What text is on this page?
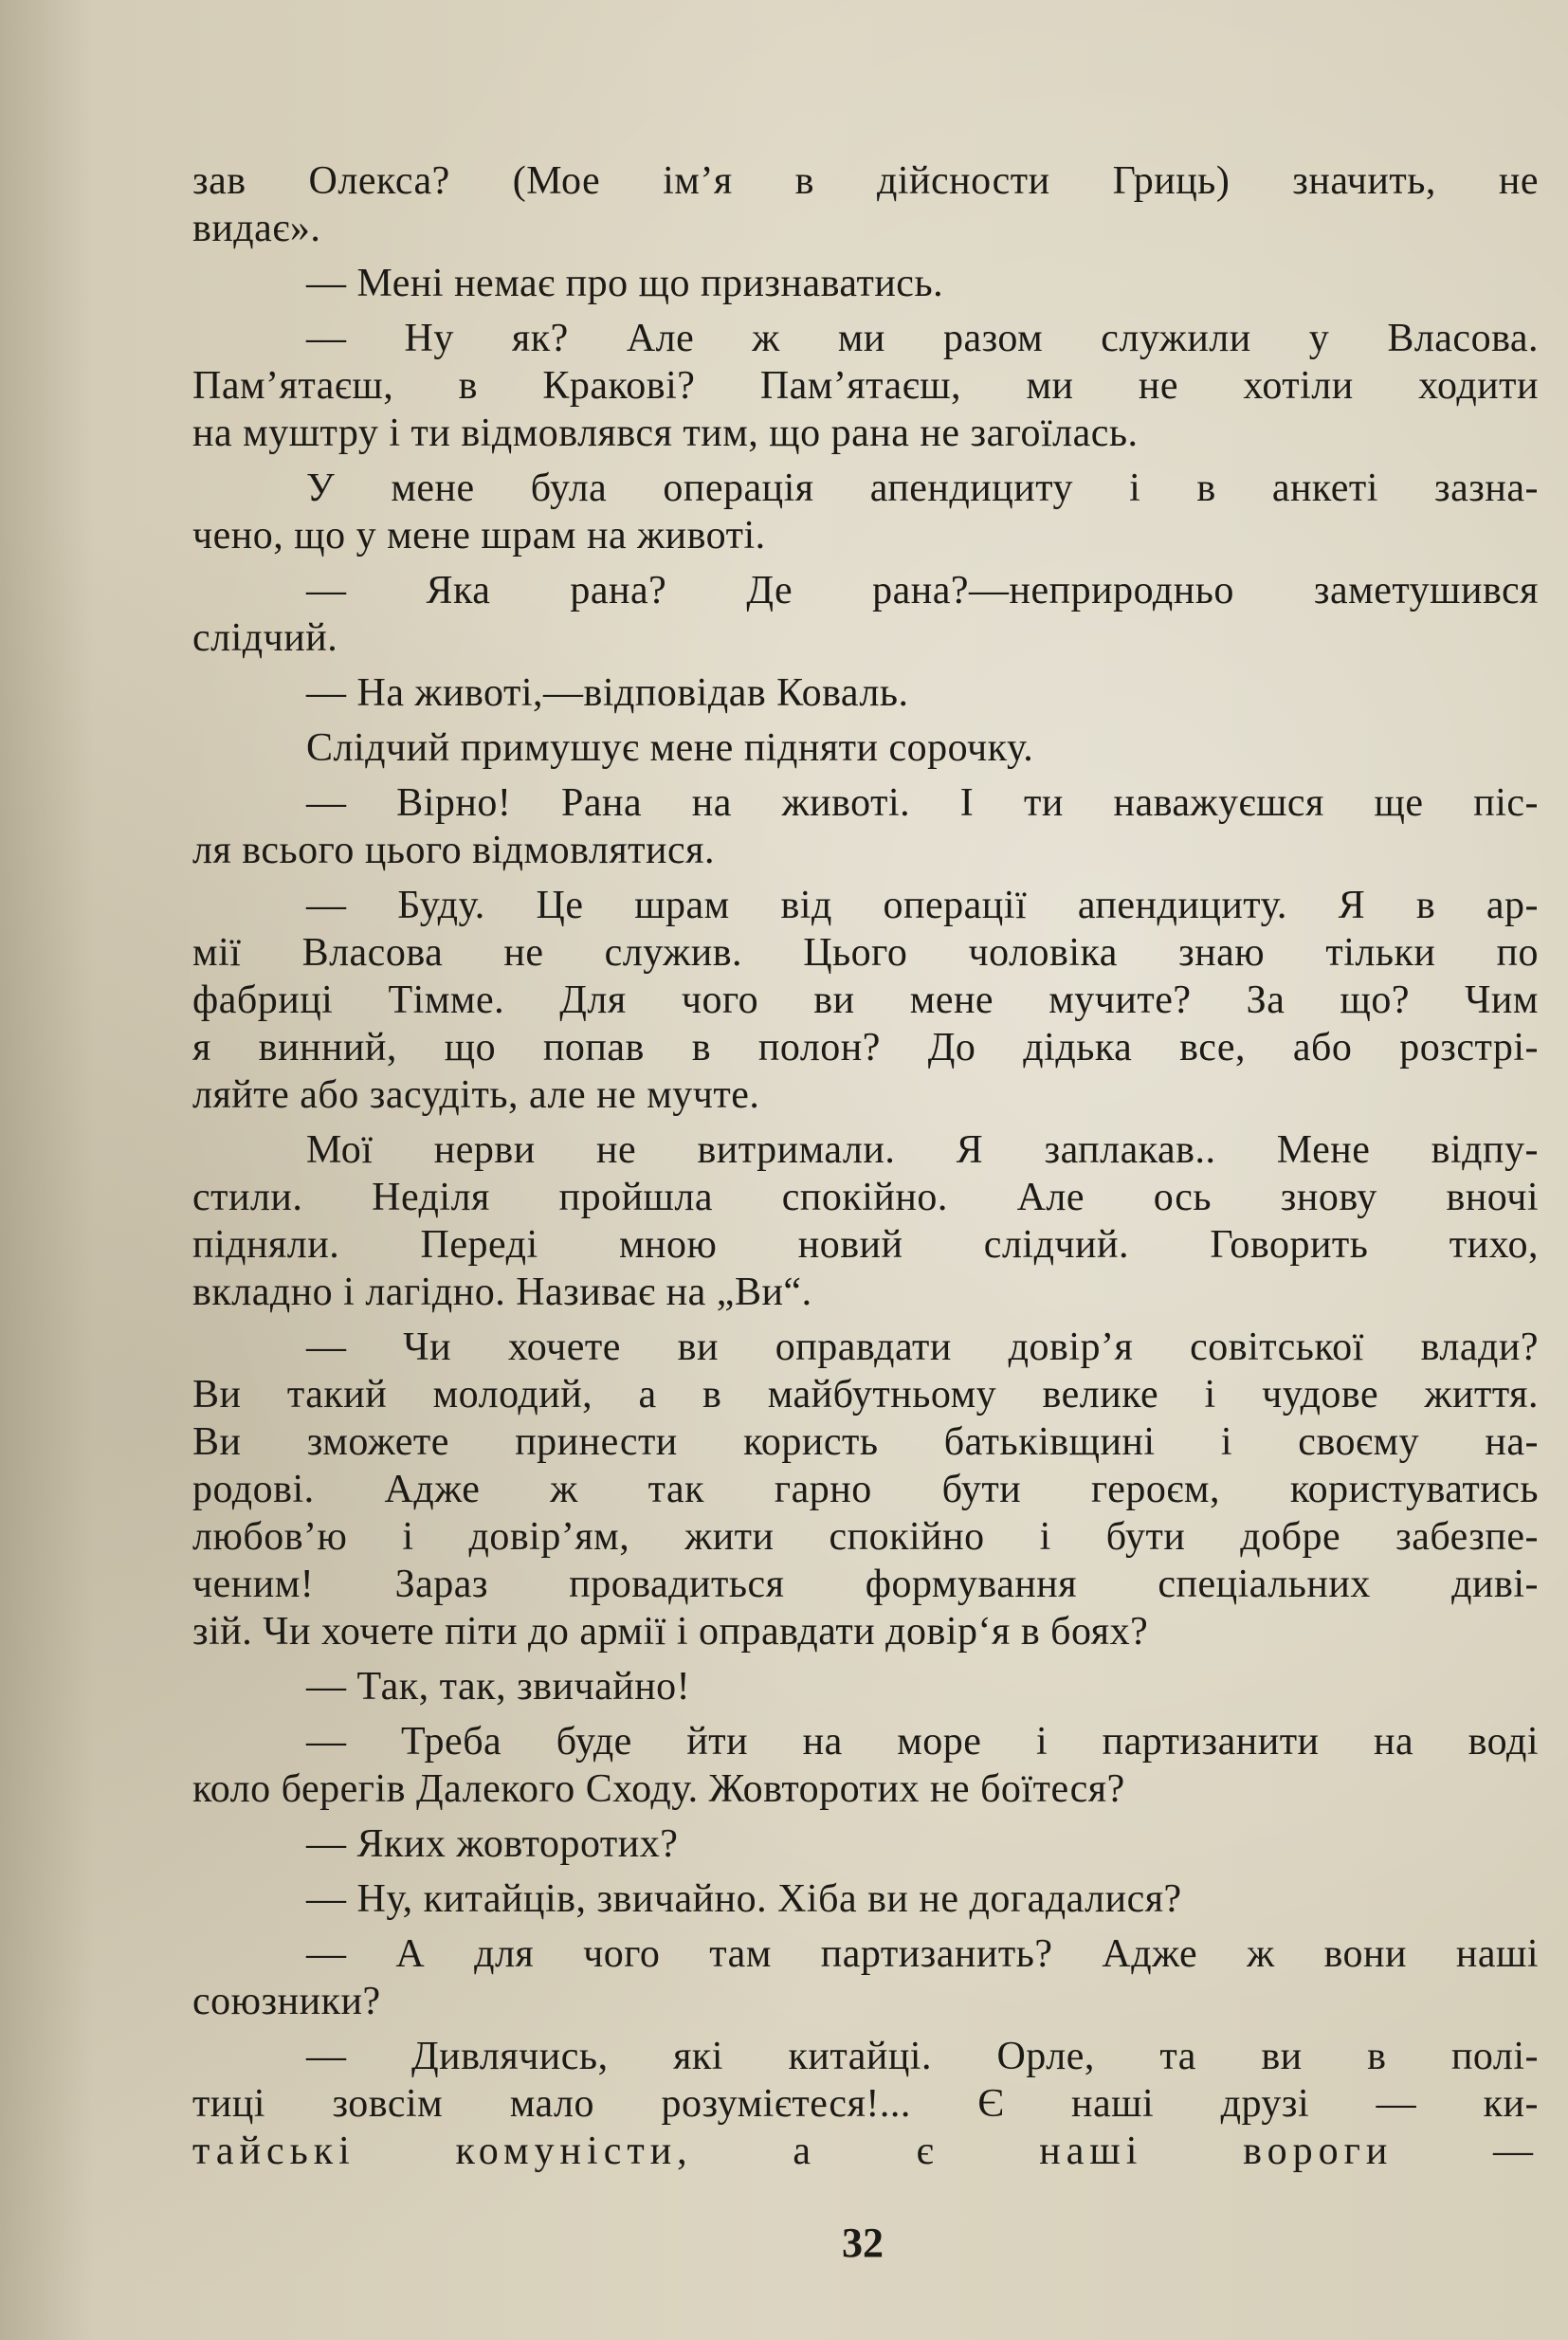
зав Олекса? (Мое ім’я в дійсности Гриць) значить, не
видає».

— Мені немає про що признаватись.

— Ну як? Але ж ми разом служили у Власова.
Пам’ятаєш, в Кракові? Пам’ятаєш, ми не хотіли ходити
на муштру і ти відмовлявся тим, що рана не загоїлась.

У мене була операція апендициту і в анкеті зазна-
чено, що у мене шрам на животі.

— Яка рана? Де рана?—неприродньо заметушився
слідчий.

— На животі,—відповідав Коваль.

Слідчий примушує мене підняти сорочку.

— Вірно! Рана на животі. І ти наважуєшся ще піс-
ля всього цього відмовлятися.

— Буду. Це шрам від операції апендициту. Я в ар-
мії Власова не служив. Цього чоловіка знаю тільки по
фабриці Тімме. Для чого ви мене мучите? За що? Чим
я винний, що попав в полон? До дідька все, або розстрі-
ляйте або засудіть, але не мучте.

Мої нерви не витримали. Я заплакав.. Мене відпу-
стили. Неділя пройшла спокійно. Але ось знову вночі
підняли. Переді мною новий слідчий. Говорить тихо,
вкладно і лагідно. Називає на „Ви“.

— Чи хочете ви оправдати довір’я совітської влади?
Ви такий молодий, а в майбутньому велике і чудове життя.
Ви зможете принести користь батьківщині і своєму на-
родові. Адже ж так гарно бути героєм, користуватись
любов’ю і довір’ям, жити спокійно і бути добре забезпе-
ченим! Зараз провадиться формування спеціальних диві-
зій. Чи хочете піти до армії і оправдати довір‘я в боях?

— Так, так, звичайно!

— Треба буде йти на море і партизанити на воді
коло берегів Далекого Сходу. Жовторотих не боїтеся?

— Яких жовторотих?

— Ну, китайців, звичайно. Хіба ви не догадалися?

— А для чого там партизанить? Адже ж вони наші
союзники?

— Дивлячись, які китайці. Орле, та ви в полі-
тиці зовсім мало розумієтеся!... Є наші друзі — ки-
тайські комуністи, а є наші вороги —

32
